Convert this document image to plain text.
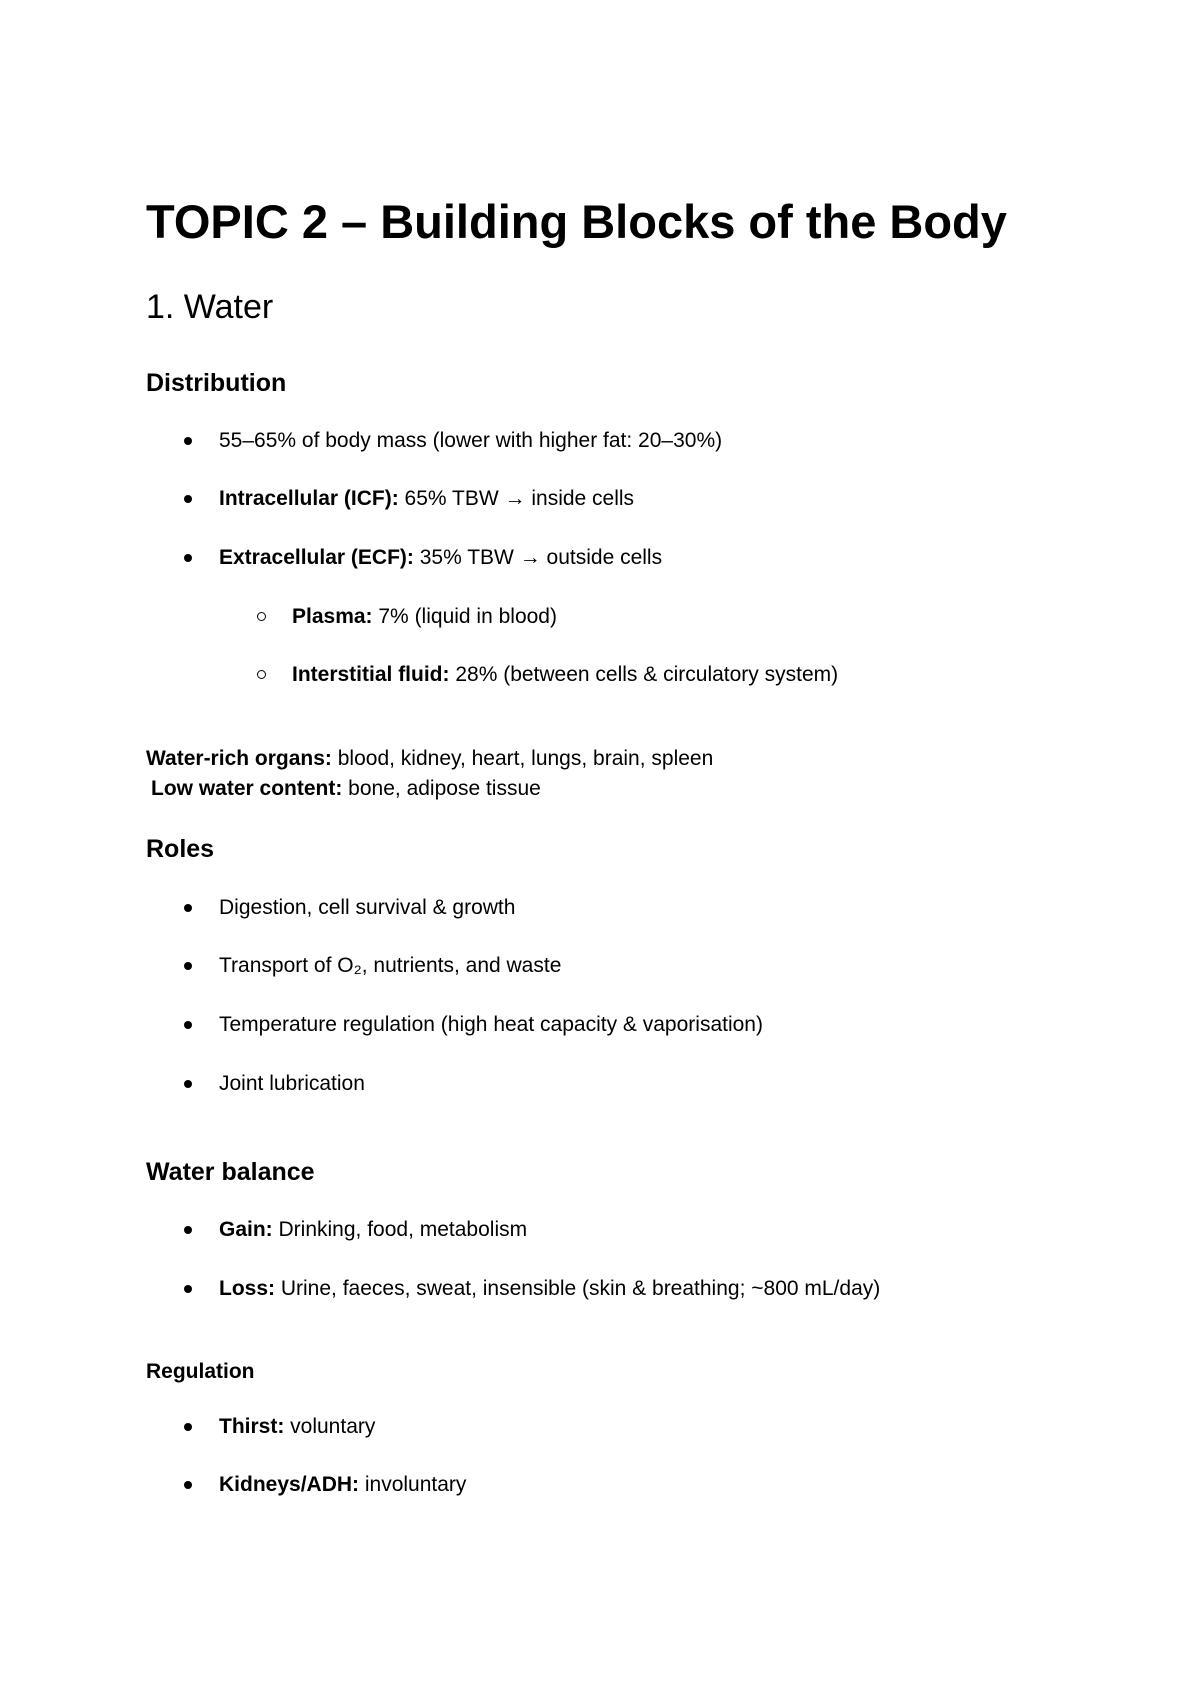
TOPIC 2 – Building Blocks of the Body
1. Water
Distribution
55–65% of body mass (lower with higher fat: 20–30%)
Intracellular (ICF): 65% TBW → inside cells
Extracellular (ECF): 35% TBW → outside cells
Plasma: 7% (liquid in blood)
Interstitial fluid: 28% (between cells & circulatory system)
Water-rich organs: blood, kidney, heart, lungs, brain, spleen
Low water content: bone, adipose tissue
Roles
Digestion, cell survival & growth
Transport of O₂, nutrients, and waste
Temperature regulation (high heat capacity & vaporisation)
Joint lubrication
Water balance
Gain: Drinking, food, metabolism
Loss: Urine, faeces, sweat, insensible (skin & breathing; ~800 mL/day)
Regulation
Thirst: voluntary
Kidneys/ADH: involuntary
